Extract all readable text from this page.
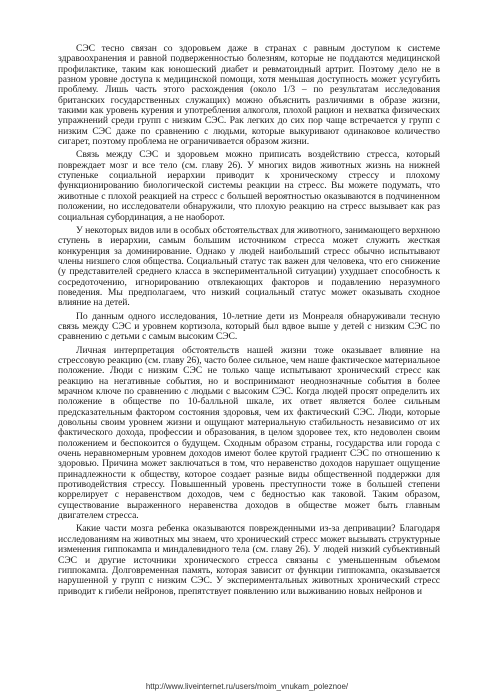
СЭС тесно связан со здоровьем даже в странах с равным доступом к системе здравоохранения и равной подверженностью болезням, которые не поддаются медицинской профилактике, таким как юношеский диабет и ревматоидный артрит. Поэтому дело не в разном уровне доступа к медицинской помощи, хотя меньшая доступность может усугубить проблему. Лишь часть этого расхождения (около 1/3 – по результатам исследования британских государственных служащих) можно объяснить различиями в образе жизни, такими как уровень курения и употребления алкоголя, плохой рацион и нехватка физических упражнений среди групп с низким СЭС. Рак легких до сих пор чаще встречается у групп с низким СЭС даже по сравнению с людьми, которые выкуривают одинаковое количество сигарет, поэтому проблема не ограничивается образом жизни.

Связь между СЭС и здоровьем можно приписать воздействию стресса, который повреждает мозг и все тело (см. главу 26). У многих видов животных жизнь на нижней ступеньке социальной иерархии приводит к хроническому стрессу и плохому функционированию биологической системы реакции на стресс. Вы можете подумать, что животные с плохой реакцией на стресс с большей вероятностью оказываются в подчиненном положении, но исследователи обнаружили, что плохую реакцию на стресс вызывает как раз социальная субординация, а не наоборот.

У некоторых видов или в особых обстоятельствах для животного, занимающего верхнюю ступень в иерархии, самым большим источником стресса может служить жесткая конкуренция за доминирование. Однако у людей наибольший стресс обычно испытывают члены низшего слоя общества. Социальный статус так важен для человека, что его снижение (у представителей среднего класса в экспериментальной ситуации) ухудшает способность к сосредоточению, игнорированию отвлекающих факторов и подавлению неразумного поведения. Мы предполагаем, что низкий социальный статус может оказывать сходное влияние на детей.

По данным одного исследования, 10-летние дети из Монреаля обнаруживали тесную связь между СЭС и уровнем кортизола, который был вдвое выше у детей с низким СЭС по сравнению с детьми с самым высоким СЭС.

Личная интерпретация обстоятельств нашей жизни тоже оказывает влияние на стрессовую реакцию (см. главу 26), часто более сильное, чем наше фактическое материальное положение. Люди с низким СЭС не только чаще испытывают хронический стресс как реакцию на негативные события, но и воспринимают неоднозначные события в более мрачном ключе по сравнению с людьми с высоким СЭС. Когда людей просят определить их положение в обществе по 10-балльной шкале, их ответ является более сильным предсказательным фактором состояния здоровья, чем их фактический СЭС. Люди, которые довольны своим уровнем жизни и ощущают материальную стабильность независимо от их фактического дохода, профессии и образования, в целом здоровее тех, кто недоволен своим положением и беспокоится о будущем. Сходным образом страны, государства или города с очень неравномерным уровнем доходов имеют более крутой градиент СЭС по отношению к здоровью. Причина может заключаться в том, что неравенство доходов нарушает ощущение принадлежности к обществу, которое создает разные виды общественной поддержки для противодействия стрессу. Повышенный уровень преступности тоже в большей степени коррелирует с неравенством доходов, чем с бедностью как таковой. Таким образом, существование выраженного неравенства доходов в обществе может быть главным двигателем стресса.

Какие части мозга ребенка оказываются поврежденными из-за депривации? Благодаря исследованиям на животных мы знаем, что хронический стресс может вызывать структурные изменения гиппокампа и миндалевидного тела (см. главу 26). У людей низкий субъективный СЭС и другие источники хронического стресса связаны с уменьшенным объемом гиппокампа. Долговременная память, которая зависит от функции гиппокампа, оказывается нарушенной у групп с низким СЭС. У экспериментальных животных хронический стресс приводит к гибели нейронов, препятствует появлению или выживанию новых нейронов и

http://www.liveinternet.ru/users/moim_vnukam_poleznoe/
